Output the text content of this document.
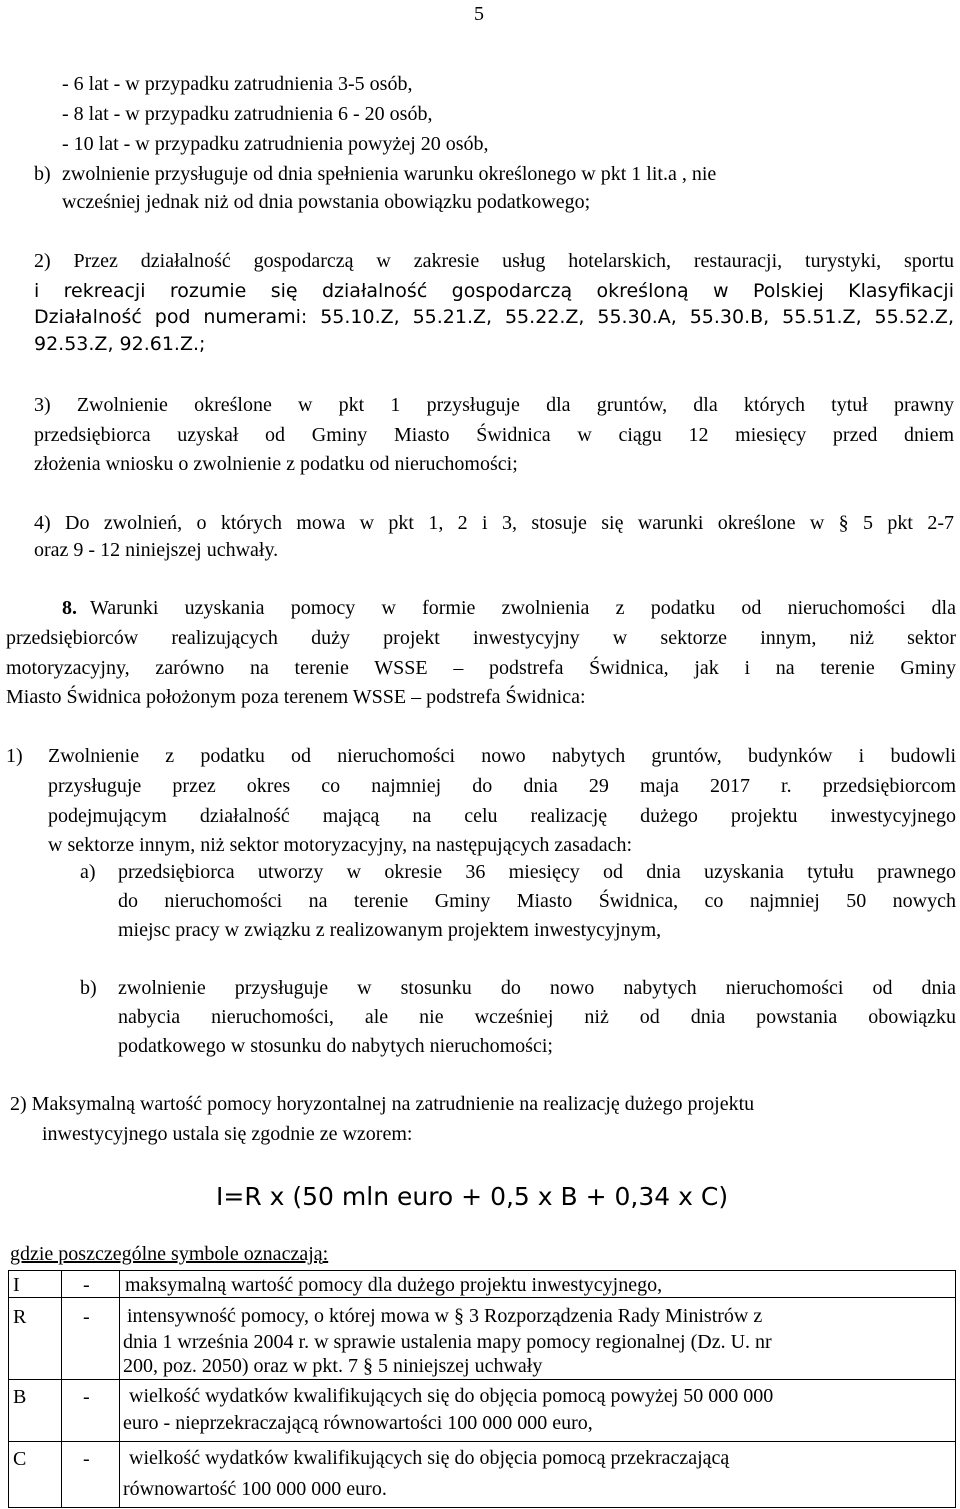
5
- 6 lat - w przypadku zatrudnienia 3-5 osób,
- 8 lat - w przypadku zatrudnienia 6 - 20 osób,
- 10 lat - w przypadku zatrudnienia powyżej 20 osób,
b) zwolnienie przysługuje od dnia spełnienia warunku określonego w pkt 1 lit.a , nie
wcześniej jednak niż od dnia powstania obowiązku podatkowego;
2) Przez działalność gospodarczą w zakresie usług hotelarskich, restauracji, turystyki, sportu
i rekreacji rozumie się działalność gospodarczą określoną w Polskiej Klasyfikacji
Działalność pod numerami: 55.10.Z, 55.21.Z, 55.22.Z, 55.30.A, 55.30.B, 55.51.Z, 55.52.Z,
92.53.Z, 92.61.Z.;
3) Zwolnienie określone w pkt 1 przysługuje dla gruntów, dla których tytuł prawny
przedsiębiorca uzyskał od Gminy Miasto Świdnica w ciągu 12 miesięcy przed dniem
złożenia wniosku o zwolnienie z podatku od nieruchomości;
4) Do zwolnień, o których mowa w pkt 1, 2 i 3, stosuje się warunki określone w § 5 pkt 2-7
oraz 9 - 12 niniejszej uchwały.
8. Warunki uzyskania pomocy w formie zwolnienia z podatku od nieruchomości dla
przedsiębiorców realizujących duży projekt inwestycyjny w sektorze innym, niż sektor
motoryzacyjny, zarówno na terenie WSSE – podstrefa Świdnica, jak i na terenie Gminy
Miasto Świdnica położonym poza terenem WSSE – podstrefa Świdnica:
1) Zwolnienie z podatku od nieruchomości nowo nabytych gruntów, budynków i budowli
przysługuje przez okres co najmniej do dnia 29 maja 2017 r. przedsiębiorcom
podejmującym działalność mającą na celu realizację dużego projektu inwestycyjnego
w sektorze innym, niż sektor motoryzacyjny, na następujących zasadach:
a) przedsiębiorca utworzy w okresie 36 miesięcy od dnia uzyskania tytułu prawnego
do nieruchomości na terenie Gminy Miasto Świdnica, co najmniej 50 nowych
miejsc pracy w związku z realizowanym projektem inwestycyjnym,
b) zwolnienie przysługuje w stosunku do nowo nabytych nieruchomości od dnia
nabycia nieruchomości, ale nie wcześniej niż od dnia powstania obowiązku
podatkowego w stosunku do nabytych nieruchomości;
2) Maksymalną wartość pomocy horyzontalnej na zatrudnienie na realizację dużego projektu
inwestycyjnego ustala się zgodnie ze wzorem:
I=R x (50 mln euro + 0,5 x B + 0,34 x C)
gdzie poszczególne symbole oznaczają:
I	- maksymalną wartość pomocy dla dużego projektu inwestycyjnego,
R	- intensywność pomocy, o której mowa w § 3 Rozporządzenia Rady Ministrów z
dnia 1 września 2004 r. w sprawie ustalenia mapy pomocy regionalnej (Dz. U. nr
200, poz. 2050) oraz w pkt. 7 § 5 niniejszej uchwały
B	- wielkość wydatków kwalifikujących się do objęcia pomocą powyżej 50 000 000
euro - nieprzekraczającą równowartości 100 000 000 euro,
C	- wielkość wydatków kwalifikujących się do objęcia pomocą przekraczającą
równowartość 100 000 000 euro.
